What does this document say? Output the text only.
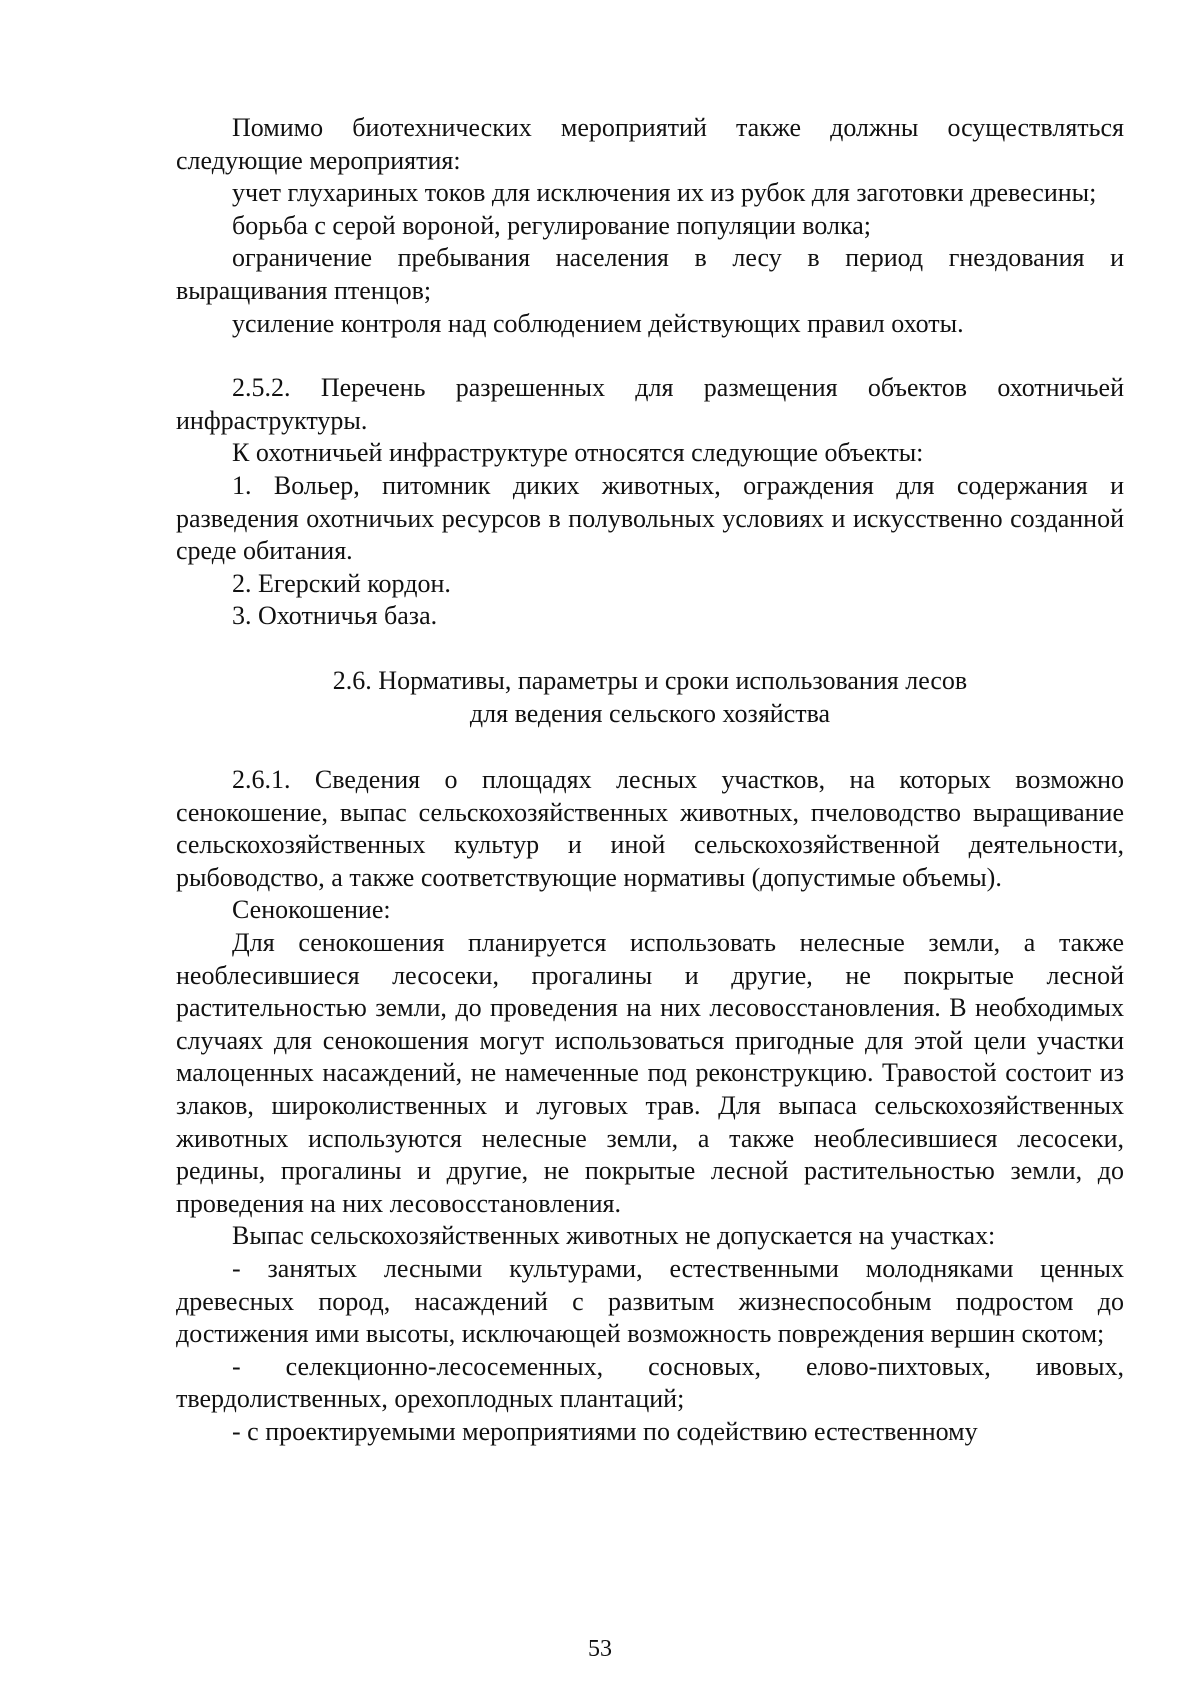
Помимо биотехнических мероприятий также должны осуществляться следующие мероприятия:

учет глухариных токов для исключения их из рубок для заготовки древесины;

борьба с серой вороной, регулирование популяции волка;

ограничение пребывания населения в лесу в период гнездования и выращивания птенцов;

усиление контроля над соблюдением действующих правил охоты.

2.5.2. Перечень разрешенных для размещения объектов охотничьей инфраструктуры.

К охотничьей инфраструктуре относятся следующие объекты:

1. Вольер, питомник диких животных, ограждения для содержания и разведения охотничьих ресурсов в полувольных условиях и искусственно созданной среде обитания.

2. Егерский кордон.

3. Охотничья база.

2.6. Нормативы, параметры и сроки использования лесов
для ведения сельского хозяйства

2.6.1. Сведения о площадях лесных участков, на которых возможно сенокошение, выпас сельскохозяйственных животных, пчеловодство выращивание сельскохозяйственных культур и иной сельскохозяйственной деятельности, рыбоводство, а также соответствующие нормативы (допустимые объемы).

Сенокошение:

Для сенокошения планируется использовать нелесные земли, а также необлесившиеся лесосеки, прогалины и другие, не покрытые лесной растительностью земли, до проведения на них лесовосстановления. В необходимых случаях для сенокошения могут использоваться пригодные для этой цели участки малоценных насаждений, не намеченные под реконструкцию. Травостой состоит из злаков, широколиственных и луговых трав. Для выпаса сельскохозяйственных животных используются нелесные земли, а также необлесившиеся лесосеки, редины, прогалины и другие, не покрытые лесной растительностью земли, до проведения на них лесовосстановления.

Выпас сельскохозяйственных животных не допускается на участках:

- занятых лесными культурами, естественными молодняками ценных древесных пород, насаждений с развитым жизнеспособным подростом до достижения ими высоты, исключающей возможность повреждения вершин скотом;

- селекционно-лесосеменных, сосновых, елово-пихтовых, ивовых, твердолиственных, орехоплодных плантаций;

- с проектируемыми мероприятиями по содействию естественному

53
